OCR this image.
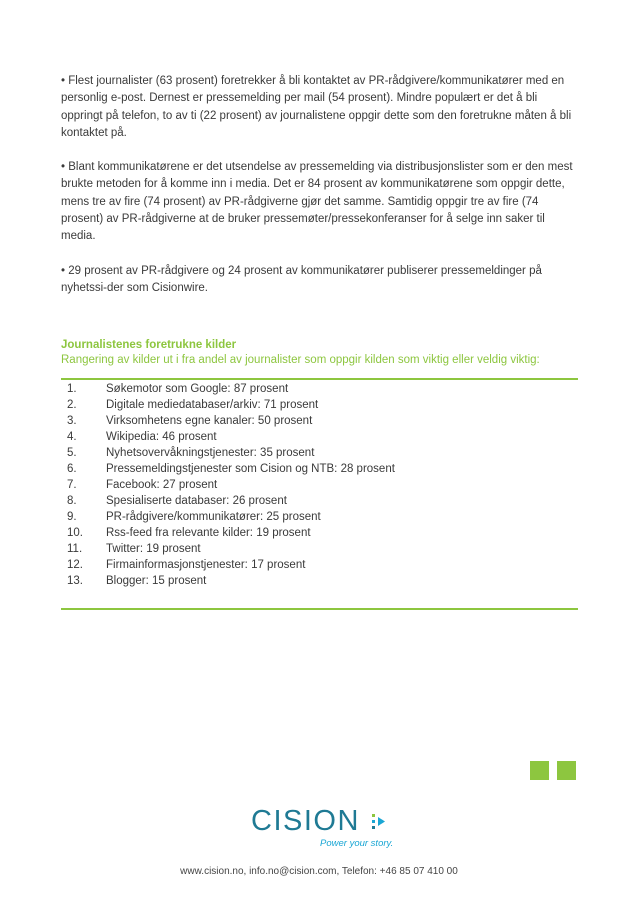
• Flest journalister (63 prosent) foretrekker å bli kontaktet av PR-rådgivere/kommunikatører med en personlig e-post. Dernest er pressemelding per mail (54 prosent). Mindre populært er det å bli oppringt på telefon, to av ti (22 prosent) av journalistene oppgir dette som den foretrukne måten å bli kontaktet på.

• Blant kommunikatørene er det utsendelse av pressemelding via distribusjonslister som er den mest brukte metoden for å komme inn i media. Det er 84 prosent av kommunikatørene som oppgir dette, mens tre av fire (74 prosent) av PR-rådgiverne gjør det samme. Samtidig oppgir tre av fire (74 prosent) av PR-rådgiverne at de bruker pressemøter/pressekonferanser for å selge inn saker til media.

• 29 prosent av PR-rådgivere og 24 prosent av kommunikatører publiserer pressemeldinger på nyhetssi-der som Cisionwire.

Journalistenes foretrukne kilder
Rangering av kilder ut i fra andel av journalister som oppgir kilden som viktig eller veldig viktig:
1.	Søkemotor som Google: 87 prosent
2.	Digitale mediedatabaser/arkiv: 71 prosent
3.	Virksomhetens egne kanaler: 50 prosent
4.	Wikipedia: 46 prosent
5.	Nyhetsovervåkningstjenester: 35 prosent
6.	Pressemeldingstjenester som Cision og NTB: 28 prosent
7.	Facebook: 27 prosent
8.	Spesialiserte databaser: 26 prosent
9.	PR-rådgivere/kommunikatører: 25 prosent
10.	Rss-feed fra relevante kilder: 19 prosent
11.	Twitter: 19 prosent
12.	Firmainformasjonstjenester: 17 prosent
13.	Blogger: 15 prosent
CISION
Power your story.
www.cision.no, info.no@cision.com, Telefon: +46 85 07 410 00
